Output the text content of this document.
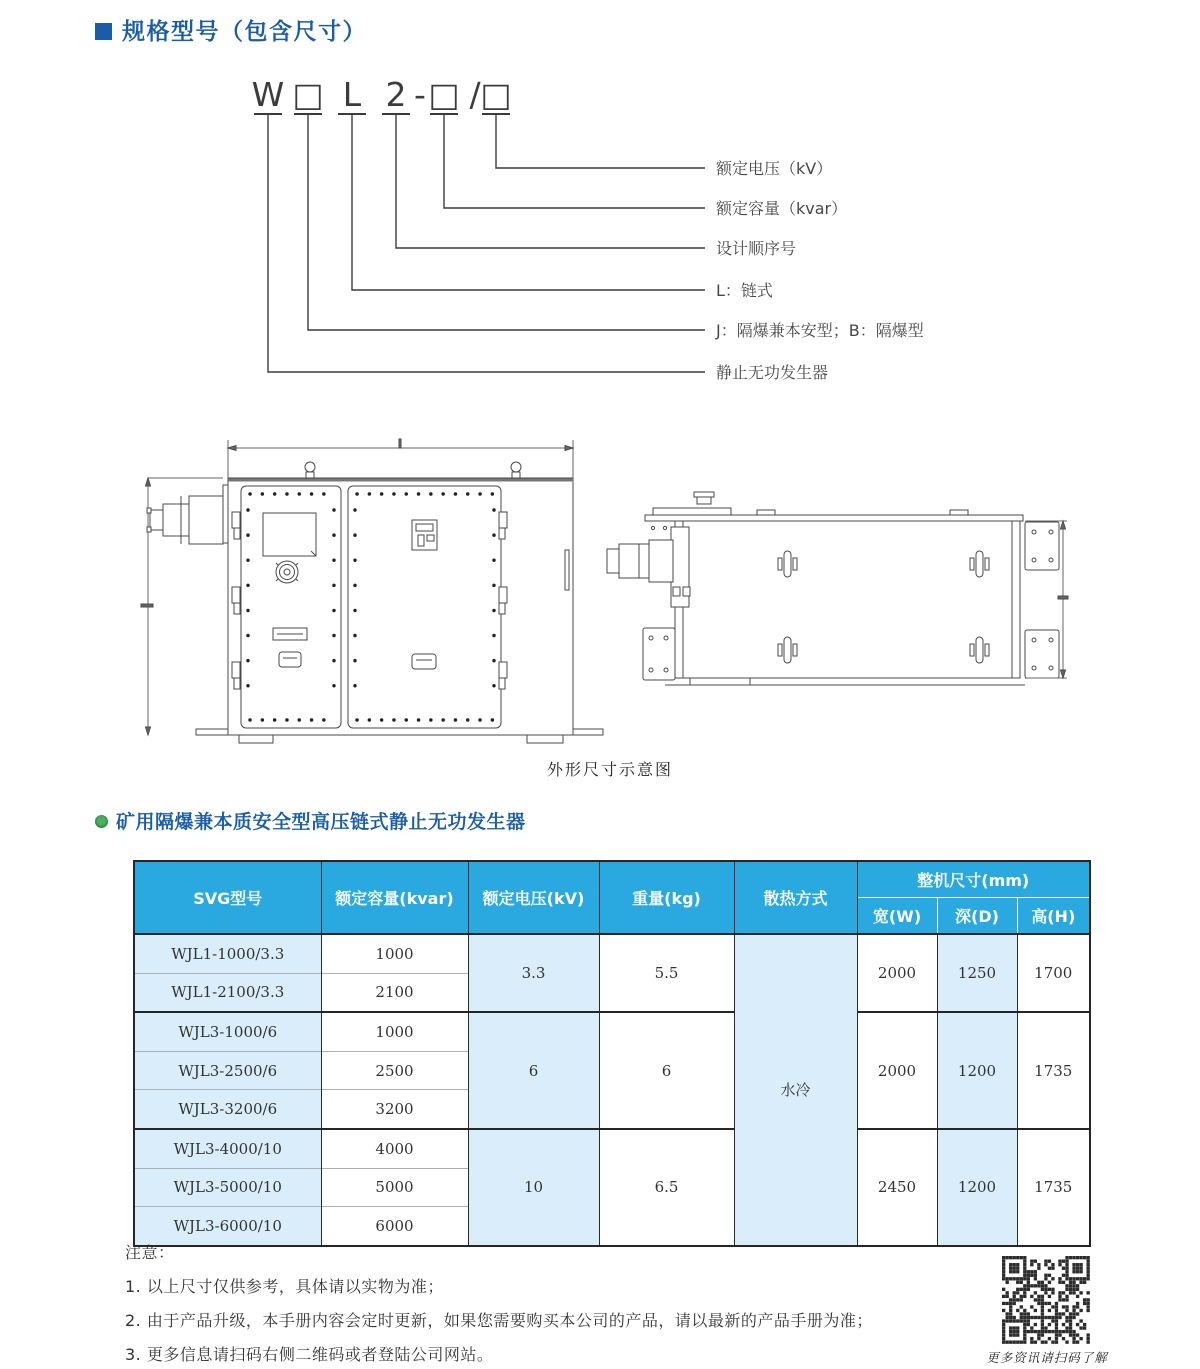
规格型号（包含尺寸）
W □ L 2 - □ / □
额定电压（kV）
额定容量（kvar）
设计顺序号
L：链式
J：隔爆兼本安型；B：隔爆型
静止无功发生器
外形尺寸示意图
矿用隔爆兼本质安全型高压链式静止无功发生器
SVG型号	额定容量(kvar)	额定电压(kV)	重量(kg)	散热方式	整机尺寸(mm)		
					宽(W)	深(D)	高(H)
WJL1-1000/3.3	1000	3.3	5.5	水冷	2000	1250	1700
WJL1-2100/3.3	2100						
WJL3-1000/6	1000	6	6		2000	1200	1735
WJL3-2500/6	2500						
WJL3-3200/6	3200						
WJL3-4000/10	4000	10	6.5		2450	1200	1735
WJL3-5000/10	5000						
WJL3-6000/10	6000						
注意：
1. 以上尺寸仅供参考，具体请以实物为准；
2. 由于产品升级，本手册内容会定时更新，如果您需要购买本公司的产品，请以最新的产品手册为准；
3. 更多信息请扫码右侧二维码或者登陆公司网站。	更多资讯请扫码了解
